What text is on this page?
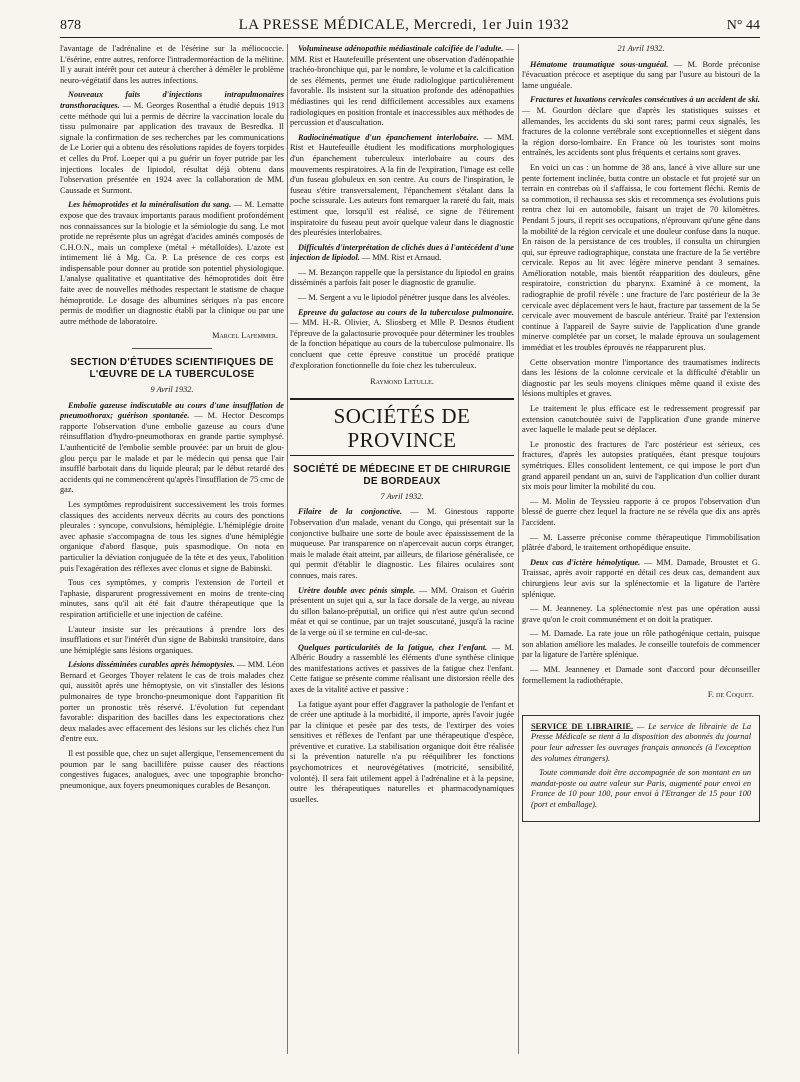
878	LA PRESSE MÉDICALE, Mercredi, 1er Juin 1932	N° 44

l'avantage de l'adrénaline et de l'ésérine sur la méliococcie. L'ésérine, entre autres, renforce l'intradermoréaction de la mélitine. Il y aurait intérêt pour cet auteur à chercher à démêler le problème neuro-végétatif dans les autres infections.

Nouveaux faits d'injections intrapulmonaires transthoraciques. — M. Georges Rosenthal a étudié depuis 1913 cette méthode qui lui a permis de décrire la vaccination locale du tissu pulmonaire par application des travaux de Besredka. Il signale la confirmation de ses recherches par les communications de Le Lorier qui a obtenu des résolutions rapides de foyers torpides et celles du Prof. Loeper qui a pu guérir un foyer putride par les injections locales de lipiodol, résultat déjà obtenu dans l'observation présentée en 1924 avec la collaboration de MM. Caussade et Surmont.

Les hémoprotides et la minéralisation du sang. — M. Lematte expose que des travaux importants paraus modifient profondément nos connaissances sur la biologie et la sémiologie du sang. Le mot protide ne représente plus un agrégat d'acides aminés composés de C.H.O.N., mais un complexe (métal + métalloïdes). L'azote est intimement lié à Mg. Ca. P. La présence de ces corps est indispensable pour donner au protide son potentiel physiologique. L'analyse qualitative et quantitative des hémoprotides doit être faite avec de nouvelles méthodes respectant le statisme de chaque hémoprotide. Le dosage des albumines sériques n'a pas encore permis de modifier un diagnostic établi par la clinique ou par une autre méthode de laboratoire.

Marcel Lafemmer.
SECTION D'ÉTUDES SCIENTIFIQUES DE L'ŒUVRE DE LA TUBERCULOSE
9 Avril 1932.

Embolie gazeuse indiscutable au cours d'une insufflation de pneumothorax; guérison spontanée. — M. Hector Descomps rapporte l'observation d'une embolie gazeuse au cours d'une réinsufflation d'hydro-pneumothorax en grande partie symphysé. L'authenticité de l'embolie semble prouvée: par un bruit de glou-glou perçu par le malade et par le médecin qui pensa que l'air insufflé barbotait dans du liquide pleural; par le début retardé des accidents qui ne commencèrent qu'après l'insufflation de 75 cmc de gaz.

Les symptômes reproduisirent successivement les trois formes classiques des accidents nerveux décrits au cours des ponctions pleurales : syncope, convulsions, hémiplégie. L'hémiplégie droite avec aphasie s'accompagna de tous les signes d'une hémiplégie organique d'abord flasque, puis spasmodique. On nota en particulier la déviation conjuguée de la tête et des yeux, l'abolition puis l'exagération des réflexes avec clonus et signe de Babinski.

Tous ces symptômes, y compris l'extension de l'orteil et l'aphasie, disparurent progressivement en moins de trente-cinq minutes, sans qu'il ait été fait d'autre thérapeutique que la respiration artificielle et une injection de caféine.

L'auteur insiste sur les précautions à prendre lors des insufflations et sur l'intérêt d'un signe de Babinski transitoire, dans une hémiplégie sans lésions organiques.

Lésions disséminées curables après hémoptysies. — MM. Léon Bernard et Georges Thoyer relatent le cas de trois malades chez qui, aussitôt après une hémoptysie, on vit s'installer des lésions pulmonaires de type broncho-pneumonique dont l'apparition fit porter un pronostic très réservé. L'évolution fut cependant favorable: disparition des bacilles dans les expectorations chez deux malades avec effacement des lésions sur les clichés chez l'un d'entre eux.

Il est possible que, chez un sujet allergique, l'ensemencement du poumon par le sang bacillifère puisse causer des réactions congestives fugaces, analogues, avec une topographie broncho-pneumonique, aux foyers pneumoniques curables de Besançon.

Volumineuse adénopathie médiastinale calcifiée de l'adulte. — MM. Rist et Hautefeuille présentent une observation d'adénopathie trachéo-bronchique qui, par le nombre, le volume et la calcification de ses éléments, permet une étude radiologique particulièrement favorable. Ils insistent sur la situation profonde des adénopathies médiastines qui les rend difficilement accessibles aux examens radiologiques en position frontale et inaccessibles aux méthodes de percussion et d'auscultation.

Radiocinématique d'un épanchement interlobaire. — MM. Rist et Hautefeuille étudient les modifications morphologiques d'un épanchement tuberculeux interlobaire au cours des mouvements respiratoires. A la fin de l'expiration, l'image est celle d'un fuseau globuleux en son centre. Au cours de l'inspiration, le fuseau s'étire transversalement, l'épanchement s'étalant dans la poche scissurale. Les auteurs font remarquer la rareté du fait, mais estiment que, lorsqu'il est réalisé, ce signe de l'étirement inspiratoire du fuseau peut avoir quelque valeur dans le diagnostic des pleurésies interlobaires.

Difficultés d'interprétation de clichés dues à l'antécédent d'une injection de lipiodol. — MM. Rist et Arnaud.

— M. Bezançon rappelle que la persistance du lipiodol en grains disséminés a parfois fait poser le diagnostic de granulie.

— M. Sergent a vu le lipiodol pénétrer jusque dans les alvéoles.

Epreuve du galactose au cours de la tuberculose pulmonaire. — MM. H.-R. Olivier, A. Sliosberg et Mlle P. Desnos étudient l'épreuve de la galactosurie provoquée pour déterminer les troubles de la fonction hépatique au cours de la tuberculose pulmonaire. Ils concluent que cette épreuve constitue un procédé pratique d'exploration fonctionnelle du foie chez les tuberculeux.

Raymond Letulle.
SOCIÉTÉS DE PROVINCE
SOCIÉTÉ DE MÉDECINE ET DE CHIRURGIE DE BORDEAUX
7 Avril 1932.

Filaire de la conjonctive. — M. Ginestous rapporte l'observation d'un malade, venant du Congo, qui présentait sur la conjonctive bulbaire une sorte de boule avec épaississement de la muqueuse. Par transparence on n'apercevait aucun corps étranger, mais le malade était atteint, par ailleurs, de filariose généralisée, ce qui permit d'établir le diagnostic. Les filaires oculaires sont connues, mais rares.

Urètre double avec pénis simple. — MM. Oraison et Guérin présentent un sujet qui a, sur la face dorsale de la verge, au niveau du sillon balano-préputial, un orifice qui n'est autre qu'un second méat et qui se continue, par un trajet souscutané, jusqu'à la racine de la verge où il se termine en cul-de-sac.

Quelques particularités de la fatigue, chez l'enfant. — M. Albéric Boudry a rassemblé les éléments d'une synthèse clinique des manifestations actives et passives de la fatigue chez l'enfant. Cette fatigue se présente comme réalisant une distorsion réelle des axes de la vitalité active et passive :

La fatigue ayant pour effet d'aggraver la pathologie de l'enfant et de créer une aptitude à la morbidité, il importe, après l'avoir jugée par la clinique et pesée par des tests, de l'extirper des voies sensitives et réflexes de l'enfant par une thérapeutique d'espèce, préventive et curative. La stabilisation organique doit être réalisée si la prévention naturelle n'a pu rééquilibrer les fonctions psychomotrices et neurovégétatives (motricité, sensibilité, volonté). Il sera fait utilement appel à l'adrénaline et à la pepsine, outre les thérapeutiques naturelles et pharmacodynamiques usuelles.

21 Avril 1932.

Hématome traumatique sous-unguéal. — M. Borde préconise l'évacuation précoce et aseptique du sang par l'usure au bistouri de la lame unguéale.

Fractures et luxations cervicales consécutives à un accident de ski. — M. Gourdon déclare que d'après les statistiques suisses et allemandes, les accidents du ski sont rares; parmi ceux signalés, les fractures de la colonne vertébrale sont exceptionnelles et siègent dans la région dorso-lombaire. En France où les touristes sont moins entraînés, les accidents sont plus fréquents et certains sont graves.

En voici un cas : un homme de 38 ans, lancé à vive allure sur une pente fortement inclinée, butta contre un obstacle et fut projeté sur un terrain en contrebas où il s'affaissa, le cou fortement fléchi. Remis de sa commotion, il rechaussa ses skis et recommença ses évolutions puis rentra chez lui en automobile, faisant un trajet de 70 kilomètres. Pendant 5 jours, il reprit ses occupations, n'éprouvant qu'une gêne dans la mobilité de la région cervicale et une douleur confuse dans la nuque. En raison de la persistance de ces troubles, il consulta un chirurgien qui, sur épreuve radiographique, constata une fracture de la 5e vertèbre cervicale. Repos au lit avec légère minerve pendant 3 semaines. Amélioration notable, mais bientôt réapparition des douleurs, gêne respiratoire, constriction du pharynx. Examiné à ce moment, la radiographie de profil révèle : une fracture de l'arc postérieur de la 3e cervicale avec déplacement vers le haut, fracture par tassement de la 5e cervicale avec mouvement de bascule antérieur. Traité par l'extension continue à l'appareil de Sayre suivie de l'application d'une grande minerve complétée par un corset, le malade éprouva un soulagement immédiat et les troubles éprouvés ne réapparurent plus.

Cette observation montre l'importance des traumatismes indirects dans les lésions de la colonne cervicale et la difficulté d'établir un diagnostic par les seuls moyens cliniques même quand il existe des lésions multiples et graves.

Le traitement le plus efficace est le redressement progressif par extension caoutchoutée suivi de l'application d'une grande minerve avec laquelle le malade peut se déplacer.

Le pronostic des fractures de l'arc postérieur est sérieux, ces fractures, d'après les autopsies pratiquées, étant presque toujours symétriques. Elles consolident lentement, ce qui impose le port d'un grand appareil pendant un an, suivi de l'application d'un collier durant six mois pour limiter la mobilité du cou.

— M. Molin de Teyssieu rapporte à ce propos l'observation d'un blessé de guerre chez lequel la fracture ne se révéla que dix ans après l'accident.

— M. Lasserre préconise comme thérapeutique l'immobilisation plâtrée d'abord, le traitement orthopédique ensuite.

Deux cas d'ictère hémolytique. — MM. Damade, Broustet et G. Traissac, après avoir rapporté en détail ces deux cas, demandent aux chirurgiens leur avis sur la splénectomie et la ligature de l'artère splénique.

— M. Jeanneney. La splénectomie n'est pas une opération aussi grave qu'on le croit communément et on doit la pratiquer.

— M. Damade. La rate joue un rôle pathogénique certain, puisque son ablation améliore les malades. Je conseille toutefois de commencer par la ligature de l'artère splénique.

— MM. Jeanneney et Damade sont d'accord pour déconseiller formellement la radiothérapie.

F. de Coquet.

SERVICE DE LIBRAIRIE. — Le service de librairie de La Presse Médicale se tient à la disposition des abonnés du journal pour leur adresser les ouvrages français annoncés (à l'exception des volumes étrangers).

Toute commande doit être accompagnée de son montant en un mandat-poste ou autre valeur sur Paris, augmenté pour envoi en France de 10 pour 100, pour envoi à l'Etranger de 15 pour 100 (port et emballage).
